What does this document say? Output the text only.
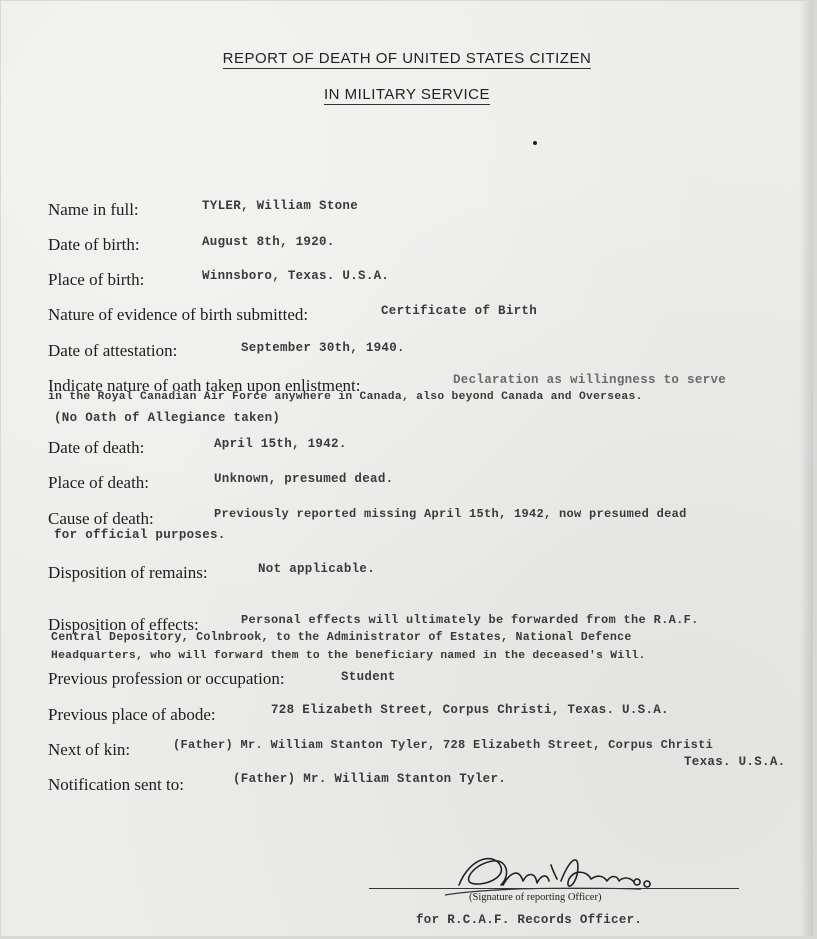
REPORT OF DEATH OF UNITED STATES CITIZEN
IN MILITARY SERVICE
Name in full:	TYLER, William Stone
Date of birth:	August 8th, 1920.
Place of birth:	Winnsboro, Texas. U.S.A.
Nature of evidence of birth submitted:	Certificate of Birth
Date of attestation:	September 30th, 1940.
Indicate nature of oath taken upon enlistment:	Declaration as willingness to serve
in the Royal Canadian Air Force anywhere in Canada, also beyond Canada and Overseas.
(No Oath of Allegiance taken)
Date of death:	April 15th, 1942.
Place of death:	Unknown, presumed dead.
Cause of death:	Previously reported missing April 15th, 1942, now presumed dead
for official purposes.
Disposition of remains:	Not applicable.
Disposition of effects:	Personal effects will ultimately be forwarded from the R.A.F.
Central Depository, Colnbrook, to the Administrator of Estates, National Defence
Headquarters, who will forward them to the beneficiary named in the deceased's Will.
Previous profession or occupation:	Student
Previous place of abode:	728 Elizabeth Street, Corpus Christi, Texas. U.S.A.
Next of kin:	(Father) Mr. William Stanton Tyler, 728 Elizabeth Street, Corpus Christi
Texas. U.S.A.
Notification sent to:	(Father) Mr. William Stanton Tyler.
(Signature of reporting Officer)
for R.C.A.F. Records Officer.
